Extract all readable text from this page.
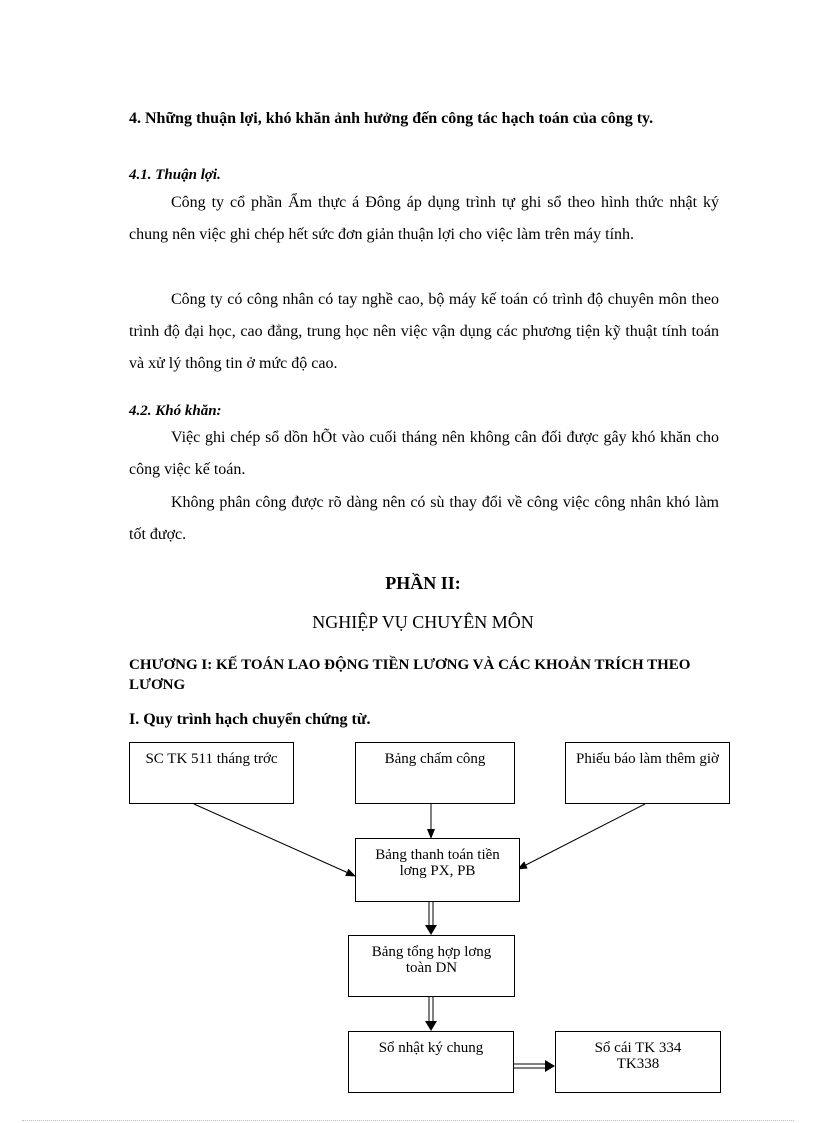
4. Những thuận lợi, khó khăn ảnh hưởng đến công tác hạch toán của công ty.
4.1. Thuận lợi.
Công ty cổ phần Ẩm thực á Đông áp dụng trình tự ghi sổ theo hình thức nhật ký chung nên việc ghi chép hết sức đơn giản thuận lợi cho việc làm trên máy tính.
Công ty có công nhân có tay nghề cao, bộ máy kế toán có trình độ chuyên môn theo trình độ đại học, cao đẳng, trung học nên việc vận dụng các phương tiện kỹ thuật tính toán và xử lý thông tin ở mức độ cao.
4.2. Khó khăn:
Việc ghi chép sổ dồn hÕt vào cuối tháng nên không cân đối được gây khó khăn cho công việc kế toán.
Không phân công được rõ dàng nên có sù thay đổi về công việc công nhân khó làm tốt được.
PHẦN II:
NGHIỆP VỤ CHUYÊN MÔN
CHƯƠNG I: KẾ TOÁN LAO ĐỘNG TIỀN LƯƠNG VÀ CÁC KHOẢN TRÍCH THEO LƯƠNG
I. Quy trình hạch chuyển chứng từ.
SC TK 511 tháng trớc	Bảng chấm công	Phiếu báo làm thêm giờ
Bảng thanh toán tiền lơng PX, PB
Bảng tổng hợp lơng toàn DN
Sổ nhật ký chung	Sổ cái TK 334 TK338
